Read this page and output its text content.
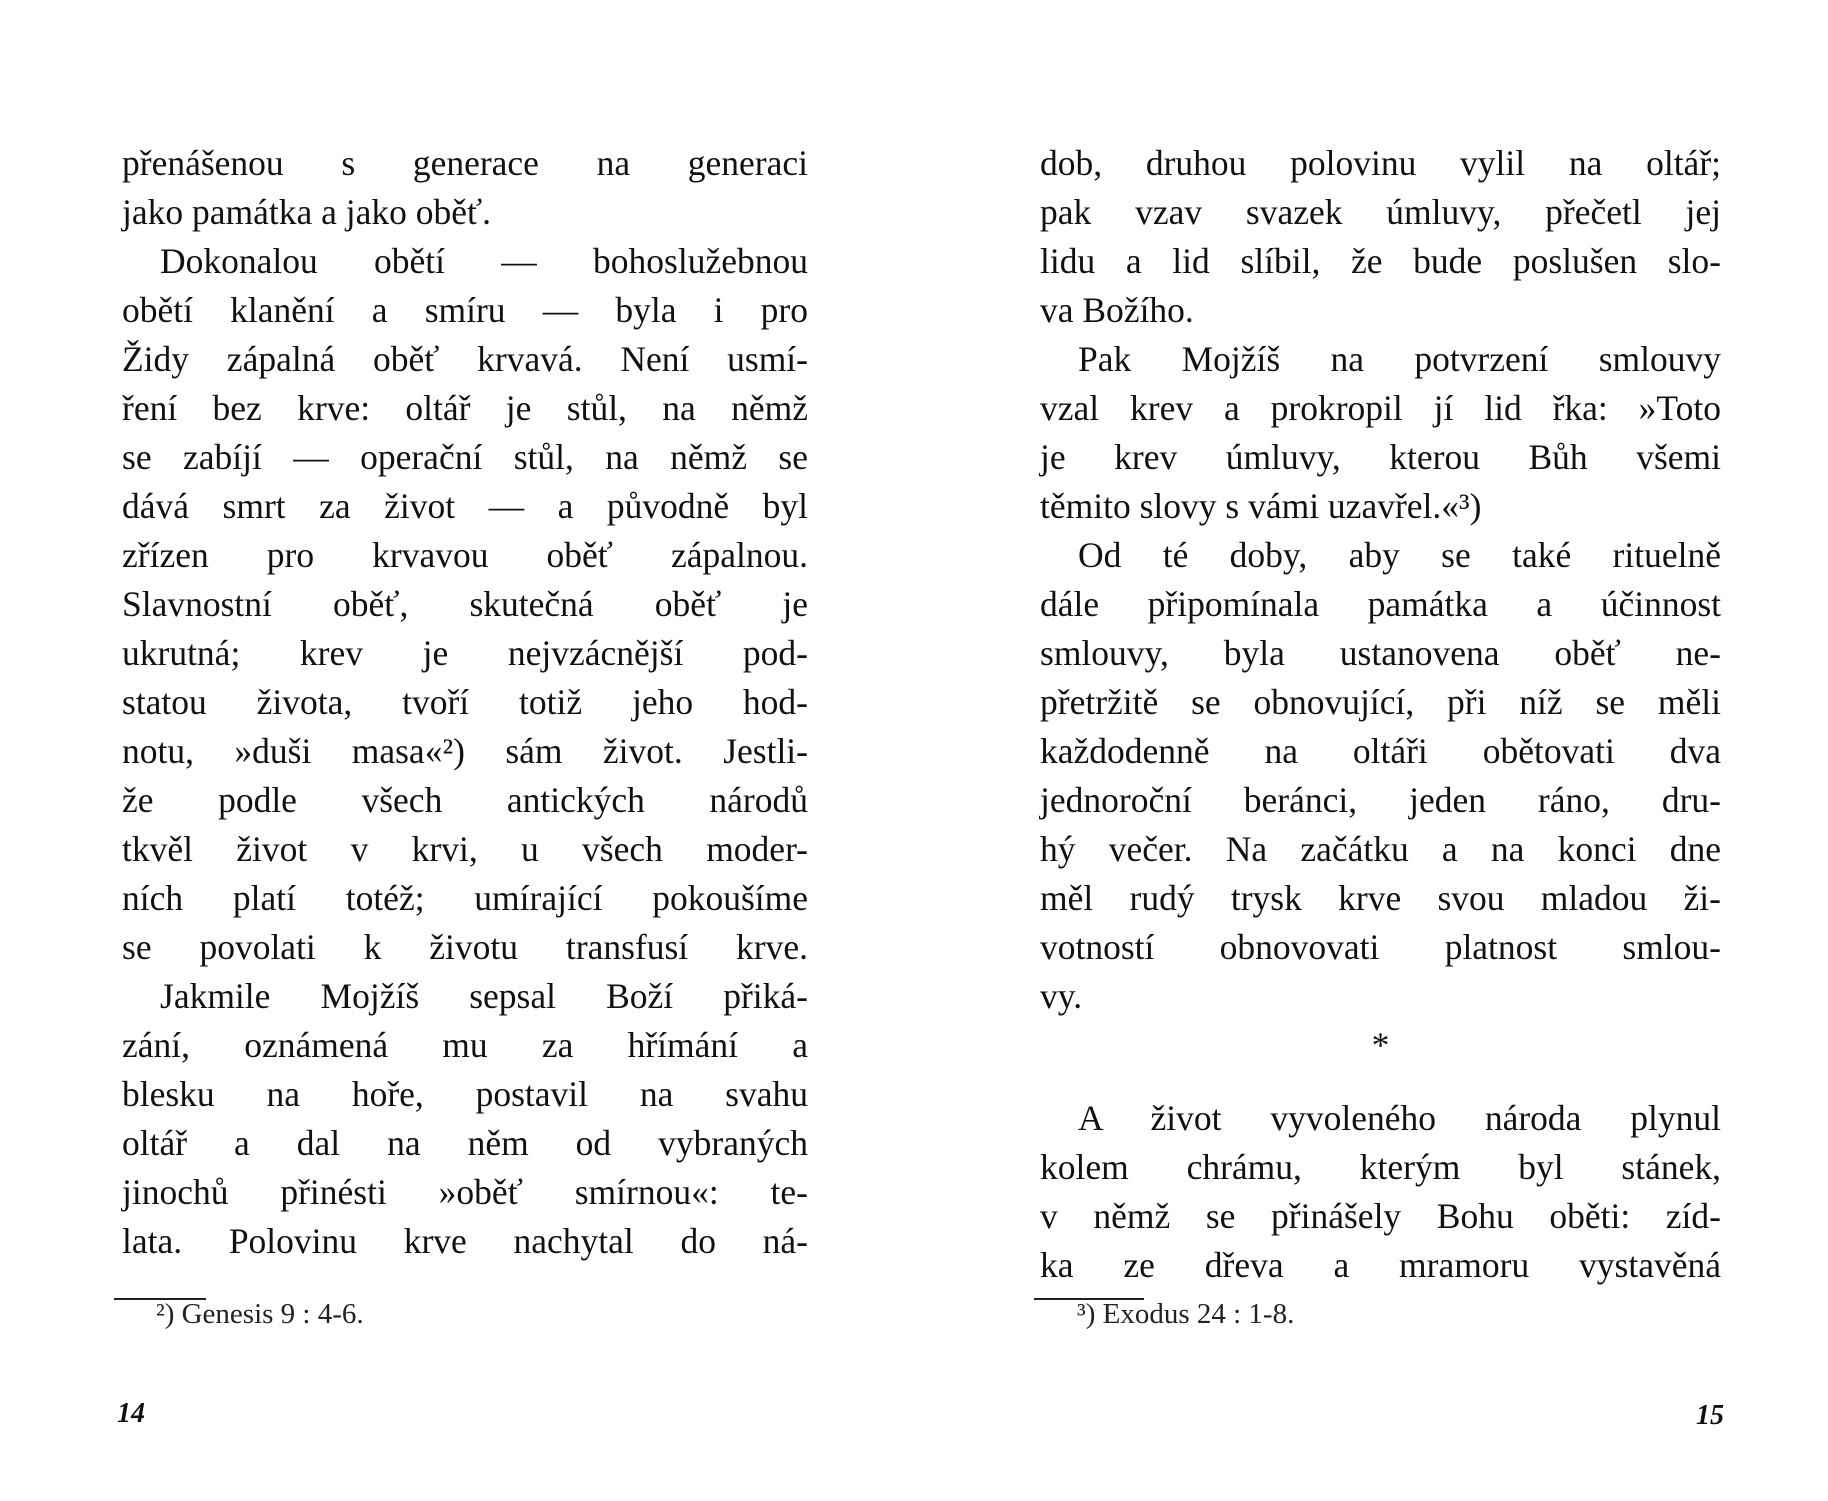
přenášenou s generace na generaci
jako památka a jako oběť.
Dokonalou obětí — bohoslužebnou
obětí klanění a smíru — byla i pro
Židy zápalná oběť krvavá. Není usmí-
ření bez krve: oltář je stůl, na němž
se zabíjí — operační stůl, na němž se
dává smrt za život — a původně byl
zřízen pro krvavou oběť zápalnou.
Slavnostní oběť, skutečná oběť je
ukrutná; krev je nejvzácnější pod-
statou života, tvoří totiž jeho hod-
notu, »duši masa«²) sám život. Jestli-
že podle všech antických národů
tkvěl život v krvi, u všech moder-
ních platí totéž; umírající pokoušíme
se povolati k životu transfusí krve.
Jakmile Mojžíš sepsal Boží přiká-
zání, oznámená mu za hřímání a
blesku na hoře, postavil na svahu
oltář a dal na něm od vybraných
jinochů přinésti »oběť smírnou«: te-
lata. Polovinu krve nachytal do ná-
²) Genesis 9 : 4-6.
14
dob, druhou polovinu vylil na oltář;
pak vzav svazek úmluvy, přečetl jej
lidu a lid slíbil, že bude poslušen slo-
va Božího.
Pak Mojžíš na potvrzení smlouvy
vzal krev a prokropil jí lid řka: »Toto
je krev úmluvy, kterou Bůh všemi
těmito slovy s vámi uzavřel.«³)
Od té doby, aby se také rituelně
dále připomínala památka a účinnost
smlouvy, byla ustanovena oběť ne-
přetržitě se obnovující, při níž se měli
každodenně na oltáři obětovati dva
jednoroční beránci, jeden ráno, dru-
hý večer. Na začátku a na konci dne
měl rudý trysk krve svou mladou ži-
votností obnovovati platnost smlou-
vy.
*
A život vyvoleného národa plynul
kolem chrámu, kterým byl stánek,
v němž se přinášely Bohu oběti: zíd-
ka ze dřeva a mramoru vystavěná
³) Exodus 24 : 1-8.
15
